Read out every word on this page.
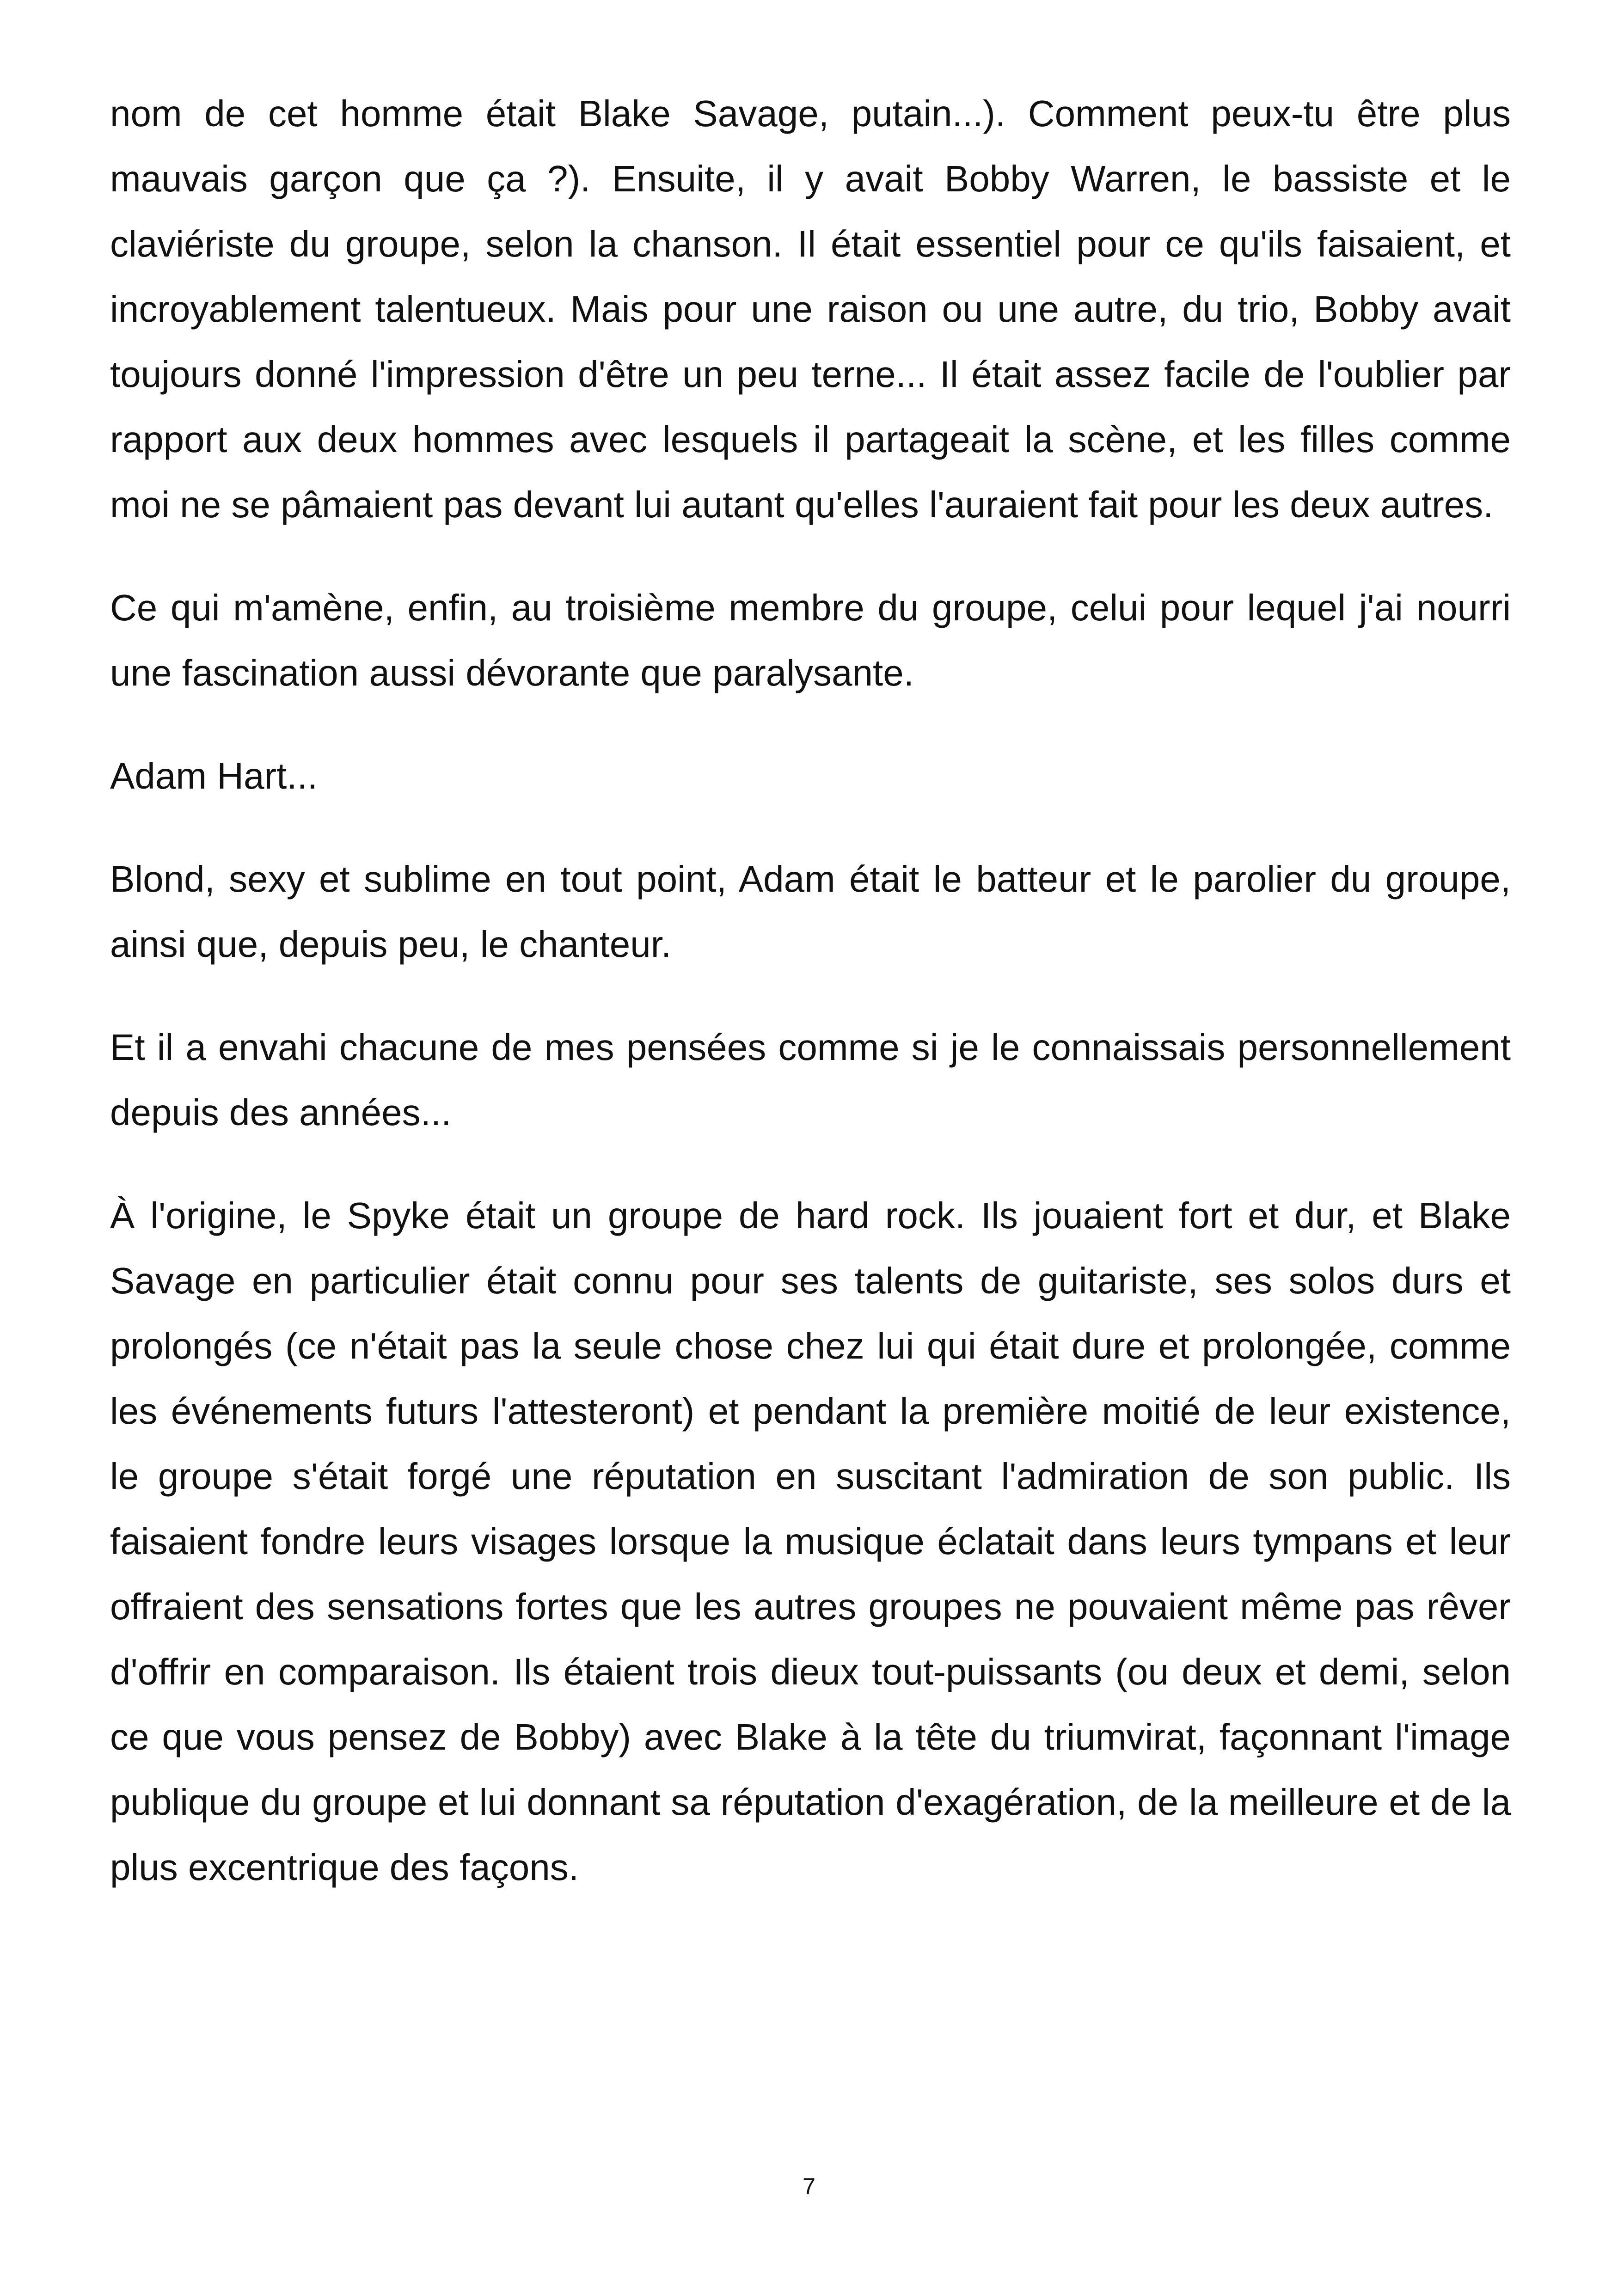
nom de cet homme était Blake Savage, putain...). Comment peux-tu être plus mauvais garçon que ça ?). Ensuite, il y avait Bobby Warren, le bassiste et le claviériste du groupe, selon la chanson. Il était essentiel pour ce qu'ils faisaient, et incroyablement talentueux. Mais pour une raison ou une autre, du trio, Bobby avait toujours donné l'impression d'être un peu terne... Il était assez facile de l'oublier par rapport aux deux hommes avec lesquels il partageait la scène, et les filles comme moi ne se pâmaient pas devant lui autant qu'elles l'auraient fait pour les deux autres.

Ce qui m'amène, enfin, au troisième membre du groupe, celui pour lequel j'ai nourri une fascination aussi dévorante que paralysante.

Adam Hart...

Blond, sexy et sublime en tout point, Adam était le batteur et le parolier du groupe, ainsi que, depuis peu, le chanteur.

Et il a envahi chacune de mes pensées comme si je le connaissais personnellement depuis des années...

À l'origine, le Spyke était un groupe de hard rock. Ils jouaient fort et dur, et Blake Savage en particulier était connu pour ses talents de guitariste, ses solos durs et prolongés (ce n'était pas la seule chose chez lui qui était dure et prolongée, comme les événements futurs l'attesteront) et pendant la première moitié de leur existence, le groupe s'était forgé une réputation en suscitant l'admiration de son public. Ils faisaient fondre leurs visages lorsque la musique éclatait dans leurs tympans et leur offraient des sensations fortes que les autres groupes ne pouvaient même pas rêver d'offrir en comparaison. Ils étaient trois dieux tout-puissants (ou deux et demi, selon ce que vous pensez de Bobby) avec Blake à la tête du triumvirat, façonnant l'image publique du groupe et lui donnant sa réputation d'exagération, de la meilleure et de la plus excentrique des façons.

7
